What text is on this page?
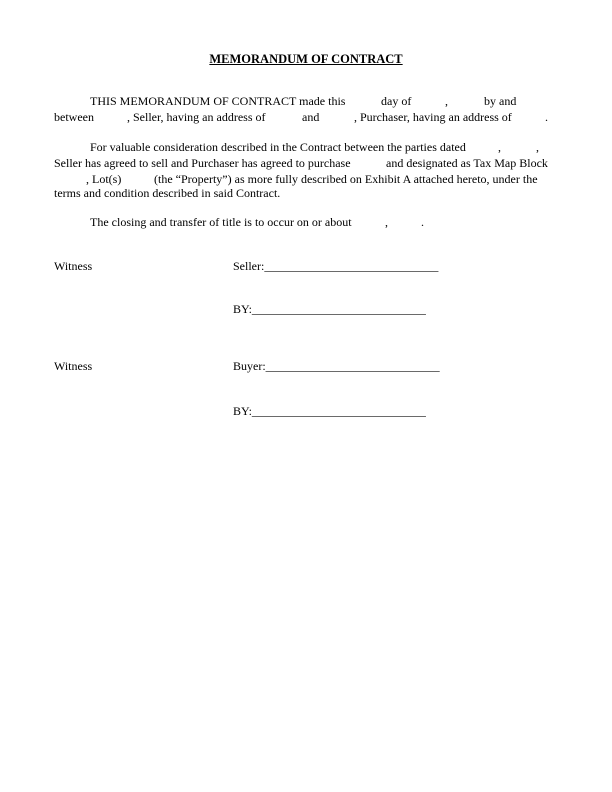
MEMORANDUM OF CONTRACT
THIS MEMORANDUM OF CONTRACT made this	day of	,	by and
between	, Seller, having an address of	and	, Purchaser, having an address of	.
For valuable consideration described in the Contract between the parties dated	,	,
Seller has agreed to sell and Purchaser has agreed to purchase	and designated as Tax Map Block
, Lot(s)	(the “Property”) as more fully described on Exhibit A attached hereto, under the
terms and condition described in said Contract.
The closing and transfer of title is to occur on or about	,	.
Witness	Seller:_____________________________
BY:_____________________________
Witness	Buyer:_____________________________
BY:_____________________________
